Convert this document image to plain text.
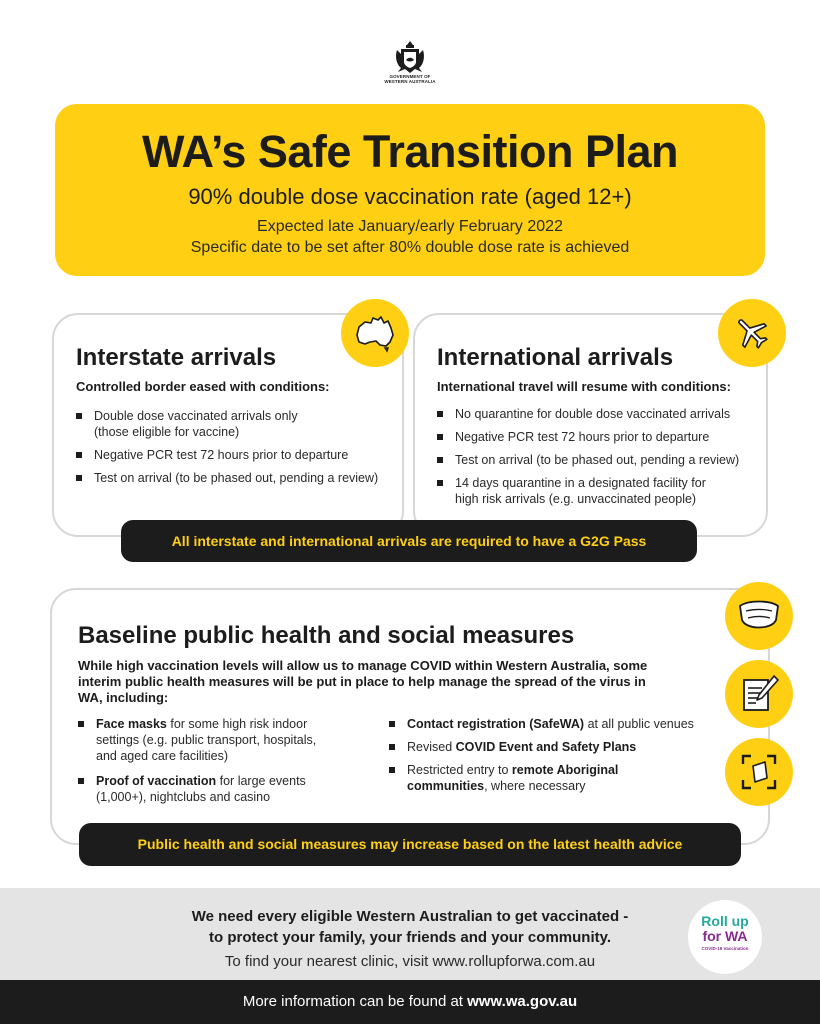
GOVERNMENT OF
WESTERN AUSTRALIA
WA’s Safe Transition Plan
90% double dose vaccination rate (aged 12+)
Expected late January/early February 2022
Specific date to be set after 80% double dose rate is achieved
Interstate arrivals
Controlled border eased with conditions:
Double dose vaccinated arrivals only (those eligible for vaccine)
Negative PCR test 72 hours prior to departure
Test on arrival (to be phased out, pending a review)
International arrivals
International travel will resume with conditions:
No quarantine for double dose vaccinated arrivals
Negative PCR test 72 hours prior to departure
Test on arrival (to be phased out, pending a review)
14 days quarantine in a designated facility for high risk arrivals (e.g. unvaccinated people)
All interstate and international arrivals are required to have a G2G Pass
Baseline public health and social measures
While high vaccination levels will allow us to manage COVID within Western Australia, some interim public health measures will be put in place to help manage the spread of the virus in WA, including:
Face masks for some high risk indoor settings (e.g. public transport, hospitals, and aged care facilities)
Proof of vaccination for large events (1,000+), nightclubs and casino
Contact registration (SafeWA) at all public venues
Revised COVID Event and Safety Plans
Restricted entry to remote Aboriginal communities, where necessary
Public health and social measures may increase based on the latest health advice
We need every eligible Western Australian to get vaccinated -
to protect your family, your friends and your community.
To find your nearest clinic, visit www.rollupforwa.com.au
Roll up
for WA
COVID-19 Vaccination
More information can be found at www.wa.gov.au
